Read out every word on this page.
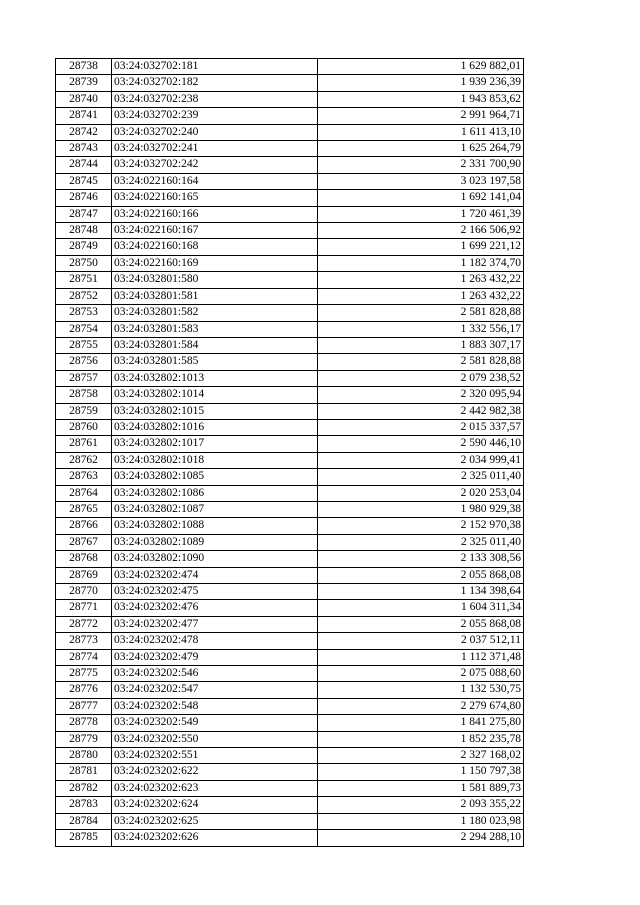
28738	03:24:032702:181	1 629 882,01
28739	03:24:032702:182	1 939 236,39
28740	03:24:032702:238	1 943 853,62
28741	03:24:032702:239	2 991 964,71
28742	03:24:032702:240	1 611 413,10
28743	03:24:032702:241	1 625 264,79
28744	03:24:032702:242	2 331 700,90
28745	03:24:022160:164	3 023 197,58
28746	03:24:022160:165	1 692 141,04
28747	03:24:022160:166	1 720 461,39
28748	03:24:022160:167	2 166 506,92
28749	03:24:022160:168	1 699 221,12
28750	03:24:022160:169	1 182 374,70
28751	03:24:032801:580	1 263 432,22
28752	03:24:032801:581	1 263 432,22
28753	03:24:032801:582	2 581 828,88
28754	03:24:032801:583	1 332 556,17
28755	03:24:032801:584	1 883 307,17
28756	03:24:032801:585	2 581 828,88
28757	03:24:032802:1013	2 079 238,52
28758	03:24:032802:1014	2 320 095,94
28759	03:24:032802:1015	2 442 982,38
28760	03:24:032802:1016	2 015 337,57
28761	03:24:032802:1017	2 590 446,10
28762	03:24:032802:1018	2 034 999,41
28763	03:24:032802:1085	2 325 011,40
28764	03:24:032802:1086	2 020 253,04
28765	03:24:032802:1087	1 980 929,38
28766	03:24:032802:1088	2 152 970,38
28767	03:24:032802:1089	2 325 011,40
28768	03:24:032802:1090	2 133 308,56
28769	03:24:023202:474	2 055 868,08
28770	03:24:023202:475	1 134 398,64
28771	03:24:023202:476	1 604 311,34
28772	03:24:023202:477	2 055 868,08
28773	03:24:023202:478	2 037 512,11
28774	03:24:023202:479	1 112 371,48
28775	03:24:023202:546	2 075 088,60
28776	03:24:023202:547	1 132 530,75
28777	03:24:023202:548	2 279 674,80
28778	03:24:023202:549	1 841 275,80
28779	03:24:023202:550	1 852 235,78
28780	03:24:023202:551	2 327 168,02
28781	03:24:023202:622	1 150 797,38
28782	03:24:023202:623	1 581 889,73
28783	03:24:023202:624	2 093 355,22
28784	03:24:023202:625	1 180 023,98
28785	03:24:023202:626	2 294 288,10
